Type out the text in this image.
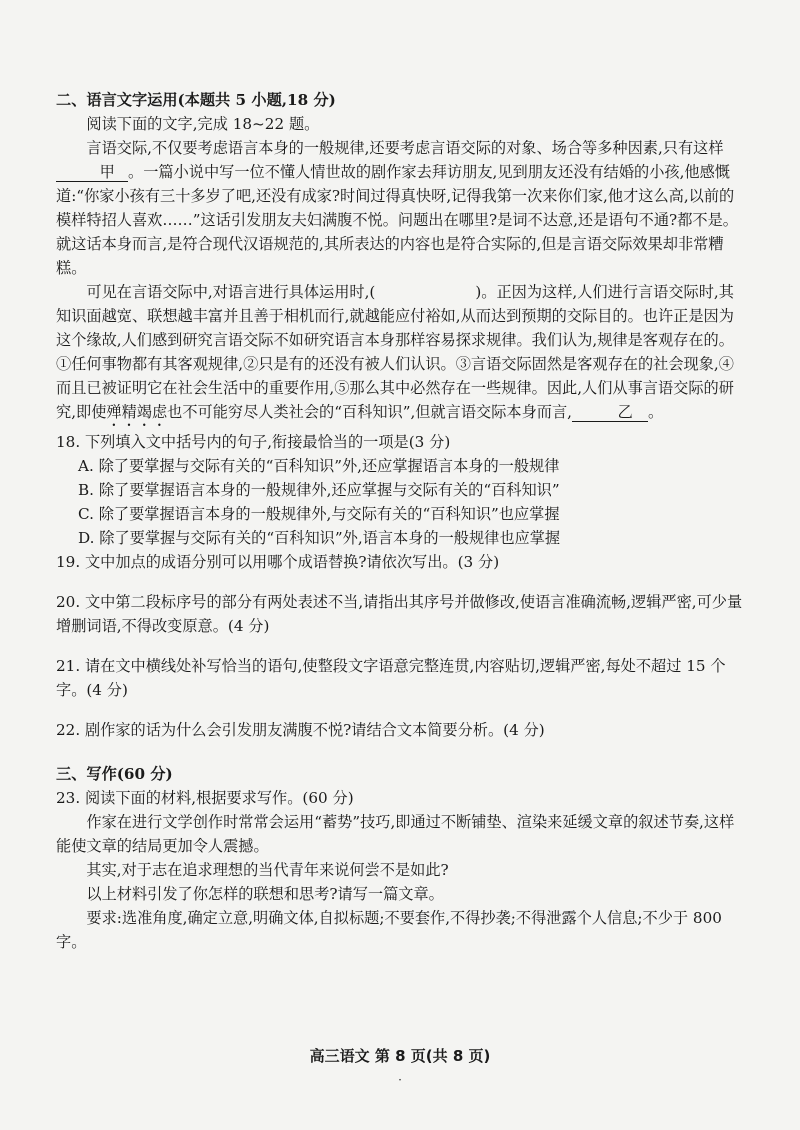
二、语言文字运用(本题共 5 小题,18 分)

阅读下面的文字,完成 18~22 题。

言语交际,不仅要考虑语言本身的一般规律,还要考虑言语交际的对象、场合等多种因素,只有这样甲 。一篇小说中写一位不懂人情世故的剧作家去拜访朋友,见到朋友还没有结婚的小孩,他感慨道:“你家小孩有三十多岁了吧,还没有成家?时间过得真快呀,记得我第一次来你们家,他才这么高,以前的模样特招人喜欢……”这话引发朋友夫妇满腹不悦。问题出在哪里?是词不达意,还是语句不通?都不是。就这话本身而言,是符合现代汉语规范的,其所表达的内容也是符合实际的,但是言语交际效果却非常糟糕。

可见在言语交际中,对语言进行具体运用时,(	)。正因为这样,人们进行言语交际时,其知识面越宽、联想越丰富并且善于相机而行,就越能应付裕如,从而达到预期的交际目的。也许正是因为这个缘故,人们感到研究言语交际不如研究语言本身那样容易探求规律。我们认为,规律是客观存在的。①任何事物都有其客观规律,②只是有的还没有被人们认识。③言语交际固然是客观存在的社会现象,④而且已被证明它在社会生活中的重要作用,⑤那么其中必然存在一些规律。因此,人们从事言语交际的研究,即使殚精竭虑也不可能穷尽人类社会的“百科知识”,但就言语交际本身而言,	乙 。

18. 下列填入文中括号内的句子,衔接最恰当的一项是(3 分)

A. 除了要掌握与交际有关的“百科知识”外,还应掌握语言本身的一般规律

B. 除了要掌握语言本身的一般规律外,还应掌握与交际有关的“百科知识”

C. 除了要掌握语言本身的一般规律外,与交际有关的“百科知识”也应掌握

D. 除了要掌握与交际有关的“百科知识”外,语言本身的一般规律也应掌握

19. 文中加点的成语分别可以用哪个成语替换?请依次写出。(3 分)

20. 文中第二段标序号的部分有两处表述不当,请指出其序号并做修改,使语言准确流畅,逻辑严密,可少量增删词语,不得改变原意。(4 分)

21. 请在文中横线处补写恰当的语句,使整段文字语意完整连贯,内容贴切,逻辑严密,每处不超过 15 个字。(4 分)

22. 剧作家的话为什么会引发朋友满腹不悦?请结合文本简要分析。(4 分)

三、写作(60 分)

23. 阅读下面的材料,根据要求写作。(60 分)

作家在进行文学创作时常常会运用“蓄势”技巧,即通过不断铺垫、渲染来延缓文章的叙述节奏,这样能使文章的结局更加令人震撼。

其实,对于志在追求理想的当代青年来说何尝不是如此?

以上材料引发了你怎样的联想和思考?请写一篇文章。

要求:选准角度,确定立意,明确文体,自拟标题;不要套作,不得抄袭;不得泄露个人信息;不少于 800 字。

高三语文 第 8 页(共 8 页)
·
